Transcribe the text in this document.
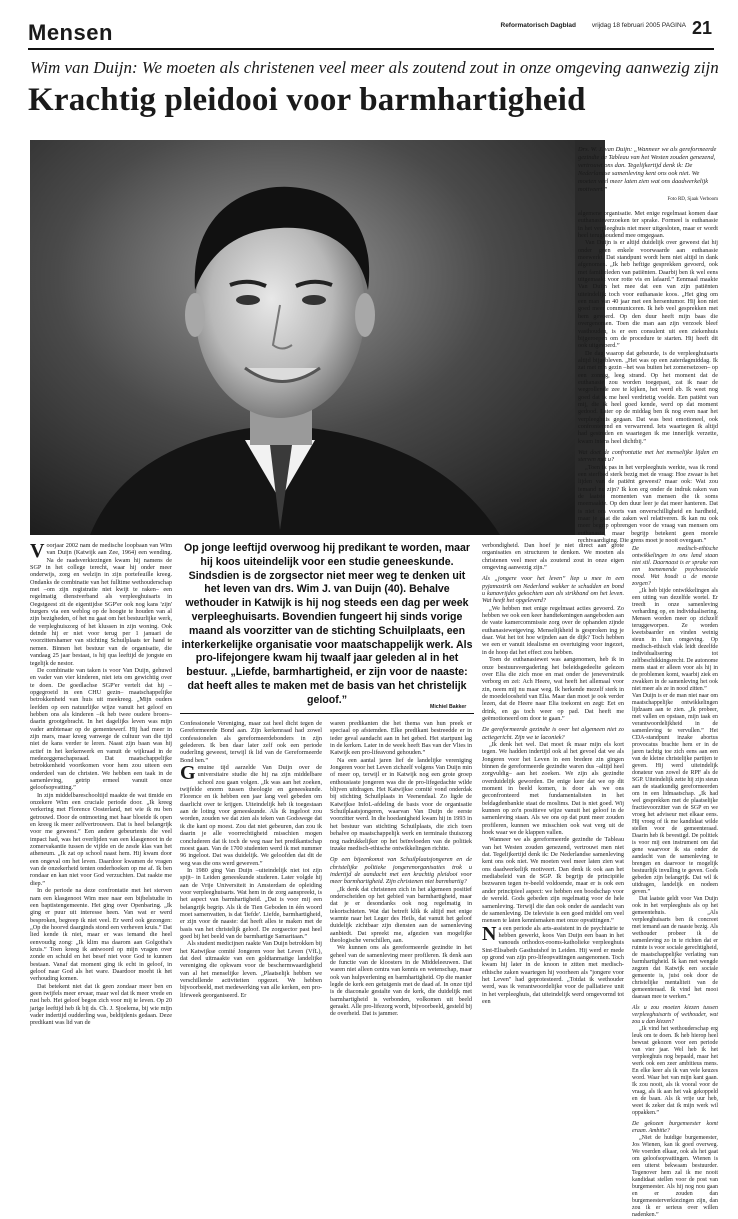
Mensen	Reformatorisch Dagblad vrijdag 18 februari 2005 PAGINA 21
Wim van Duijn: We moeten als christenen veel meer als zoutend zout in onze omgeving aanwezig zijn
Krachtig pleidooi voor barmhartigheid
Drs. W. J. van Duijn: „Wanneer we als gereformeerde gezindte de Tableau van het Westen zouden genezend, vertrouwt ons dan. Tegelijkertijd denk ik: De Nederlandse samenleving kent ons ook niet. We moeten veel meer laten zien wat ons daadwerkelijk motiveert.”
Foto RD, Sjaak Verboom

algemene organisatie. Met enige regelmaat komen daar euthanasieverzoeken ter sprake. Formeel is euthanasie in het verpleeghuis niet meer uitgesloten, maar er wordt heel terughoudend mee omgegaan.

Van Duijn is er altijd duidelijk over geweest dat hij onder geen enkele voorwaarde aan euthanasie meewerkt. Dat standpunt wordt hem niet altijd in dank afgenomen. „Ik heb heftige gesprekken gevoerd, ook met familieleden van patiënten. Daarbij ben ik wel eens uitgemaakt voor rotte vis en lafaard.” Eenmaal maakte Van Duijn het mee dat een van zijn patiënten uiteindelijk toch voor euthanasie koos. „Het ging om een man van 40 jaar met een hersentumor. Hij kon niet goed meer communiceren. Ik heb veel gesprekken met hem gevoerd. Op den duur heeft mijn baas die overgenomen. Toen die man aan zijn verzoek bleef vasthouden, is er een consulent uit een ziekenhuis bijgeroepen om de procedure te starten. Hij heeft dit ook uitgevoerd.”

De dag waarop dat gebeurde, is de verpleeghuisarts altijd bijgebleven. „Het was op een zaterdagmiddag. Ik zat met m'n gezin –het was buiten het zomerseizoen– op een zonnig, leeg strand. Op het moment dat de euthanasie zou worden toegepast, zat ik naar de wegrollende zee te kijken, het werd eb. Ik weet nog goed dat ik me heel verdrietig voelde. Een patiënt van mij, die ik heel goed kende, werd op dat moment gedood. Later op de middag ben ik nog even naar het verpleeghuis gegaan. Dat was best emotioneel, ook confronterend en verwarrend. Iets waartegen ik altijd had gestreden en waartegen ik me innerlijk verzette, kwam intens heel dichtbij.”

Wat doet de confrontatie met het menselijke lijden en sterven met u?

„Toen ik pas in het verpleeghuis werkte, was ik rond een sterfbed sterk bezig met de vraag: Hoe zwaar is het lijden van de patiënt geweest? maar ook: Wat zou iemand nu zijn? Ik kon erg onder de indruk raken van de laatste momenten van mensen die ik soms meemaakte. Op den duur leer je dat meer hanteren. Dat is niet om voorts van onverschilligheid en hardheid, maar je gaat die zaken wel relativeren. Ik kan nu ook meer begrip opbrengen voor de vraag van mensen om euthanasie, maar begrijp betekent geen morele rechtvaardiging. Die grens moet je nooit overgaan.”

Op jonge leeftijd overwoog hij predikant te worden, maar hij koos uiteindelijk voor een studie geneeskunde. Sindsdien is de zorgsector niet meer weg te denken uit het leven van drs. Wim J. van Duijn (40). Behalve wethouder in Katwijk is hij nog steeds een dag per week verpleeghuisarts. Bovendien fungeert hij sinds vorige maand als voorzitter van de stichting Schuilplaats, een interkerkelijke organisatie voor maatschappelijk werk. Als pro-lifejongere kwam hij twaalf jaar geleden al in het bestuur. „Liefde, barmhartigheid, er zijn voor de naaste: dat heeft alles te maken met de basis van het christelijk geloof.”
Michiel Bakker

Voorjaar 2002 nam de medische loopbaan van Wim van Duijn (Katwijk aan Zee, 1964) een wending. Na de raadsverkiezingen kwam hij namens de SGP in het college terecht, waar hij onder meer onderwijs, zorg en welzijn in zijn portefeuille kreeg. Ondanks de combinatie van het fulltime wethouderschap met –om zijn registratie niet kwijt te raken– een regelmatig dienstverband als verpleeghuisarts in Oegstgeest zit de eigentijdse SGP'er ook nog kans 'zijn' burgers via een weblog op de hoogte te houden van al zijn bezigheden, of het nu gaat om het bestuurlijke werk, de verpleghuiszorg of het klussen in zijn woning. Ook deinde hij er niet voor terug per 1 januari de voorzittershamer van stichting Schuilplaats ter hand te nemen. Binnen het bestuur van de organisatie, die vandaag 25 jaar bestaat, is hij qua leeftijd de jongste en tegelijk de nestor.

De combinatie van taken is voor Van Duijn, gehuwd en vader van vier kinderen, niet iets om gewichtig over te doen. De goedlachse SGP'er vertelt dat hij –opgegroeid in een CHU gezin– maatschappelijke betrokkenheid van huis uit meekreeg. „Mijn ouders leefden op een natuurlijke wijze vanuit het geloof en hebben ons als kinderen –ik heb twee oudere broers– daarin grootgebracht. In het dagelijks leven was mijn vader ambtenaar op de gementewerf. Hij had meer in zijn mars, maar kreeg vanwege de cultuur van die tijd niet de kans verder te leren. Naast zijn baan was hij actief in het kerkenwerk en vanuit de wijkraad in de medezeggenschapsraad. Dat maatschappelijke betrokkenheid voortkomen voor hem zou uiteen een onderdeel van de christen. We hebben een taak in de samenleving, getrip ermeel vanuit onze geloofsopvatting.”

In zijn middelbareschooltijd maakte de wat timide en onzekere Wim een cruciale periode door. „Ik kreeg verkering met Florence Oosterland, net wie ik nu ben getrouwd. Door de ontmoeting met haar bloeide ik open en kreeg ik meer zelfvertrouwen. Dat is heel belangrijk voor me geweest.” Een andere gebeurtenis die veel impact had, was het overlijden van een klasgenoot in de zomervakantie tussen de vijfde en de zesde klas van het atheneum. „Ik zat op school naast hem. Hij kwam door een ongeval om het leven. Daardoor kwamen de vragen van de onzekerheid tenten onderhoeken op me af. Ik ben rondaar en kan niet voor God verzuchten. Dat raakte me diep.”

In de periode na deze confrontatie met het sterven nam een klasgenoot Wim mee naar een bijbelstudie in een baptistengemeente. Het ging over Openbaring. „Ik ging er puur uit interesse heen. Van wat er werd besproken, begreep ik niet veel. Er werd ook gezongen: „Op die hoorvd daarginds stond een verheven kruis.” Dat lied kende ik niet, maar er was iemand die heel eenvoudig zong: „Ik klim ma daarom aan Golgotha's kruis.” Toen kreeg ik antwoord op mijn vragen over zonde en schuld en het besef niet voor God te kunnen bestaan. Vanaf dat moment ging ik echt in geloof, in geloof naar God als het ware. Daardoor moeht ik het verhouding komen.

Dat betekent niet dat ik geen zondaar meer ben en geen twijfels meer ervaar, maar wel dat ik meer vrede en rust heb. Het geloof begon zich voor mij te leven. Op 20 jarige leeftijd heb ik bij ds. Ch. J. Sjoelema, bij wie mijn vader indertijd oudderling was, beldijdenis gedaan. Deze predikant was lid van de

Confessionele Vereniging, maar zat heel dicht tegen de Gereformeerde Bond aan. Zijn kerkenraad had zowel confessionelen als gereformeerdebonders in zijn gelederen. Ik ben daar later zelf ook een periode ouderling geweest, terwijl ik lid van de Gereformeerde Bond ben.”

Genuine tijd aarzelde Van Duijn over de universitaire studie die hij na zijn middelbare school zou gaan volgen. „Ik was aan het zoeken, twijfelde enorm tussen theologie en geneeskunde. Florence en ik hebben een jaar lang veel gebeden om daarlicht over te krijgen. Uiteindelijk heb ik toegestaan aan de loting voor geneeskunde. Als ik ingeloot zou worden, zouden we dat zien als teken van Godswege dat ik die kant op moest. Zou dat niet gebeuren, dan zou ik daarin je alle voorrechtigheid misschien mogen concluderen dat ik toch de weg naar het predikantschap moest gaan. Van de 1700 studenten werd ik met nummer 96 ingeloot. Dat was duidelijk. We geloofden dat dit de weg was die ons werd geweven.”

In 1980 ging Van Duijn –uiteindelijk niet tot zijn spijt– in Leiden geneeskunde studeren. Later volgde hij aan de Vrije Universiteit in Amsterdam de opleiding voor verpleeghuisarts. Wat hem in de zorg aanspreekt, is het aspect van barmhartigheid. „Dat is voor mij een belangrijk begrip. Als ik de Tien Geboden in één woord moet samenvatten, is dat 'liefde'. Liefde, barmhartigheid, er zijn voor de naaste: dat heeft alles te maken met de basis van het christelijk geloof. De zorgsector past heel goed bij het beeld van de barmhartige Samaritaan.”

Als student medicijnen raakte Van Duijn betrokken bij het Katwijkse comité Jongeren voor het Leven (VfL), dat deel uitmaakte van een goldtanmatige landelijke vereniging die opkwam voor de beschermwaardigheid van al het menselijke leven. „Plaatselijk hebben we verschillende activiteiten opgezet. We hebben bijvoorbeeld, met medewerking van alle kerken, een pro-lifeweek georganiseerd. Er

waren predikanten die het thema van hun preek er speciaal op afstemden. Elke predikant bestreedde er in ieder geval aandacht aan in het gebed. Het startpunt lag in de kerken. Later in de week heeft Bas van der Vlies in Katwijk een pro-lifeavond gehouden.”

Na een aantal jaren lief de landelijke vereniging Jongeren voor het Leven zichzelf volgens Van Duijn min of meer op, terwijl er in Katwijk nog een grote groep enthousiaste jongeren was die de pro-lifegedachte wilde blijven uitdragen. Het Katwijkse comité vond onderdak bij stichting Schuilplaats in Veenendaal. Zo ligde de Katwijkse InfoL-afdeling de basis voor de organisatie Schuilplaatsjongeren, waarvan Van Duijn de eerste voorzitter werd. In die hoedanigheid kwam hij in 1993 in het bestuur van stichting Schuilplaats, die zich toen behalve op maatschappelijk werk en terminale thuiszorg nog nadrukkelijker op het beïnvloeden van de politiek inzake medisch-ethische ontwikkelingen richtte.

Op een bijeenkomst van Schuilplaatsjongeren en de christelijke politieke jongerenorganisaties trok u indertijd de aandacht met een krachtig pleidooi voor meer barmhartigheid. Zijn christenen niet barmhartig?

„Ik denk dat christenen zich in het algemeen positief onderscheiden op het gebied van barmhartigheid, maar dat je er desondanks ook nog regelmatig in tekortschieten. Wat dat betreft klik ik altijd met enige warmte naar het Leger des Heils, dat vanuit het geloof duidelijk zichtbaar zijn diensten aan de samenleving aanbiedt. Dat spreekt me, afgezien van mogelijke theologische verschillen, aan.

We kunnen ons als gereformeerde gezindte in het geheel van de samenleving meer profileren. Ik denk aan de functie van de kloosters in de Middeleeuwen. Dat waren niet alleen centra van kennis en wetenschap, maar ook van hulpverlening en barmhartigheid. Op die manier legde de kerk een getuigenis met de daad af. In onze tijd is de diaconale gestalte van de kerk, die duidelijk met barmhartigheid is verbonden, volkomen uit beeld geraakt. Alle pro-lifezorg wordt, bijvoorbeeld, gesteld bij de overheid. Dat is jammer.

verbondigheid. Dan hoef je niet direct aan grote organisaties en structuren te denken. We moeten als christenen veel meer als zoutend zout in onze eigen omgeving aanwezig zijn.”

Als „jongere voor het leven” liep u mee in een pyjamastrik om Nederland wakker te schudden en bond u kanavrijdes gekochten aan als strikband om het leven. Wat heeft het opgeleverd?

„We hebben met enige regelmaat acties gevoerd. Zo hebben we ook een keer handtekeningen aangeboden aan de vaste kamercommissie zorg over de ophanden zijnde euthanasiewetgeving. Menselijkheid is gesproken ing je daar. Wat het tot hoe wijnden aan de dijk? Toch hebben we een er vanuit idealisme en overtuiging voor ingezet, in de hoop dat het effect zou hebben.

Toen de euthanasiewet was aangenomen, heb ik in onze bestuursvergadering het beleidsgedeelte gelezen over Elia die zich moe en mat onder de jeneverstruik verborg en zei: Ach Heere, wat heeft het allemaal voor zin, neem mij nu maar weg. Ik herkende mezelf sterk in de moedeloosheid van Elia. Maar dan moet je ook verder lezen, dat de Heere naar Elia toekomt en zegt: Eet en drink, en ga toch weer op pad. Dat heeft me geëmotioneerd om door te gaan.”

De gereformeerde gezindte is over het algemeen niet zo actiegericht. Zijn we te laconiek?

„Ik denk het wel. Dat moet ik maar mijn els kort tegen. We hadden indertijd ook al het gevoel dat we als Jongeren voor het Leven in een bredere zin gingen binnen de gereformeerde gezindte waren dus –altijd heel zorgvuldig– aan het zoeken. We zijn als gezindte overduidelijk geworden. De enige keer dat we op dit moment in beeld komen, is door als we ons geconfronteerd met fundamentalisten in het beldagdenbankie staat de moslims. Dat is niet goed. Wij kunnen op zo'n positieve wijze vanuit het geloof in de samenleving staan. Als we ons op dat punt meer zouden profileren, kunnen we misschien ook wat verg uit de hoek waar we de klappen vallen.

Wanneer we als gereformeerde gezindte de Tableau van het Westen zouden genezend, vertrouwt men niet dat. Tegelijkertijd denk ik: De Nederlandse samenleving kent ons ook niet. We moeten veel meer laten zien wat ons daadwerkelijk motiveert. Dan denk ik ook aan het mediabeleid van de SGP. Ik begrijp de principiële bezwaren tegen tv-beeld voldoende, maar er is ook een ander principieel aspect: we hebben een boodschap voor de wereld. Gods gebeden zijn regelmatig voor de hele samenleving. Terwijl die dan ook onder de aandacht van de samenleving. De televisie is een goed middel om veel mensen te laten kennismaken met onze opvattingen.”

Na een periode als arts-assistent in de psychiatrie te hebben gewerkt, koos Van Duijn een baan in het vanouds orthodox-rooms-katholieke verpleeghuis Sint-Elisabeth Gasthuishof in Leiden. Hij werd er mede op grond van zijn pro-lifeopvattingen aangenomen. Toch kwam hij later in de knoon te zitten met medisch-ethische zaken waartegen hij voorheen als "jongere voor het Leven" had geprotesteerd. „Totdat ik wethouder werd, was ik verantwoordelijke voor de palliatieve unit in het verpleeghuis, dat uiteindelijk werd omgevormd tot een

De medisch-ethische ontwikkelingen in ons land staan niet stil. Daarnaast is er sprake van een toenemende psychosociale nood. Wat houdt u de meeste zorgen?

„Ik heb bijde ontwikkelingen als een uiting van dezelfde wortel. Er treedt in onze samenleving verharding op, en individualisering. Mensen worden meer op zichzelf teruggeworpen. Ze worden kwetsbaarder en vinden weinig steun in hun omgeving. Op medisch-ethisch vlak leidt dezelfde individualisering tot zelfbeschikkingsrecht. De autonome mens staat er alleen voor als hij in de problemen komt, waarbij ziek en zwakken in de samenleving het ook niet meer als ze in nood zitten.”

Van Duijn is er de man niet naar om maatschappelijke ontwikkelingen lijdzaam aan te zien. „Ik probeer, met vallen en opstaan, mijn taak en verantwoordelijkheid in de samenleving te vervullen.” Het CDA-standpunt inzake abortus provocatus brachte hem er in de jaren tachtig toe zich eens aan een van de kleine christelijke partijen te geven. Hij werd uiteindelijk donateur van zowel de RPF als de SGP. Uiteindelijk zette hij zijn steun aan de staatkundig gereformeerden om in een lidmaatschap. „Ik had wel gesprekken met de plaatselijke fractievoorzitter van de SGP en we vroeg het adviseur met elkaar eens. Hij vroeg of ik me kandidaat wilde stellen voor de gemeenteraad. Daarin heb ik bevestigd. De politiek is voor mij een instrument om dat gene waarvoor ik sta onder de aandacht van de samenleving te brengen en daarvoor te mogelijk bestuurlijk invulling te geven. Gods gebeden zijn belangrijk. Dat wil ik uitdragen, landelijk en nodeen geven.”

Dat laatste geldt voor Van Duijn ook in het verpleeghuis als op het gemeentehuis. „Als verpleeghuisarts ben ik concreet met iemand aan de naaste bezig. Als wethouder probeer ik de samenleving zo in te richten dat er ruimte is voor sociale gerechtigheid, de maatschappelijke verlating van barmhartigheid. Ik kan met wengde zegzen dat Katwijk een sociale gemeente is, juist ook door de christelijke mentaliteit van de gemeenteraad. Ik vind het mooi daaraan mee te werken.”

Als u zou moeten kiezen tussen verpleeghuisarts of wethouder, wat zou u dan kiezen?

„Ik vind het wethouderschap erg leuk om te doen. Ik heb hierop heel bewust gekozen voor een periode van vier jaar. Wel heb ik het verpleeghuis nog bepaald, maar het werk ook een zeer ambitieus mens. En elke keer als ik van vele keuzes word. Waar het van mijn kant gaan. Ik zou nooit, als ik vooral voor de vraag, als ik aan het vak gekoppeld en de baan. Als ik vrije uur heb, weet ik zeker dat ik mijn werk wil oppakken.”

De gekozen burgemeester komt eraan. Ambitie?

„Niet de huidige burgemeester, Jos Wienen, kan ik goed overweg. We voerden elkaar, ook als het gaat om geloofsopvattingen. Wienen is een uiterst bekwaam bestuurder. Tegenover hem zal ik me nooit kandidaat stellen voor de post van burgemeester. Als hij nog nou gaan en er zouden dan burgemeesterverkiezingen zijn, dan zou ik er serieus over willen nadenken.”
